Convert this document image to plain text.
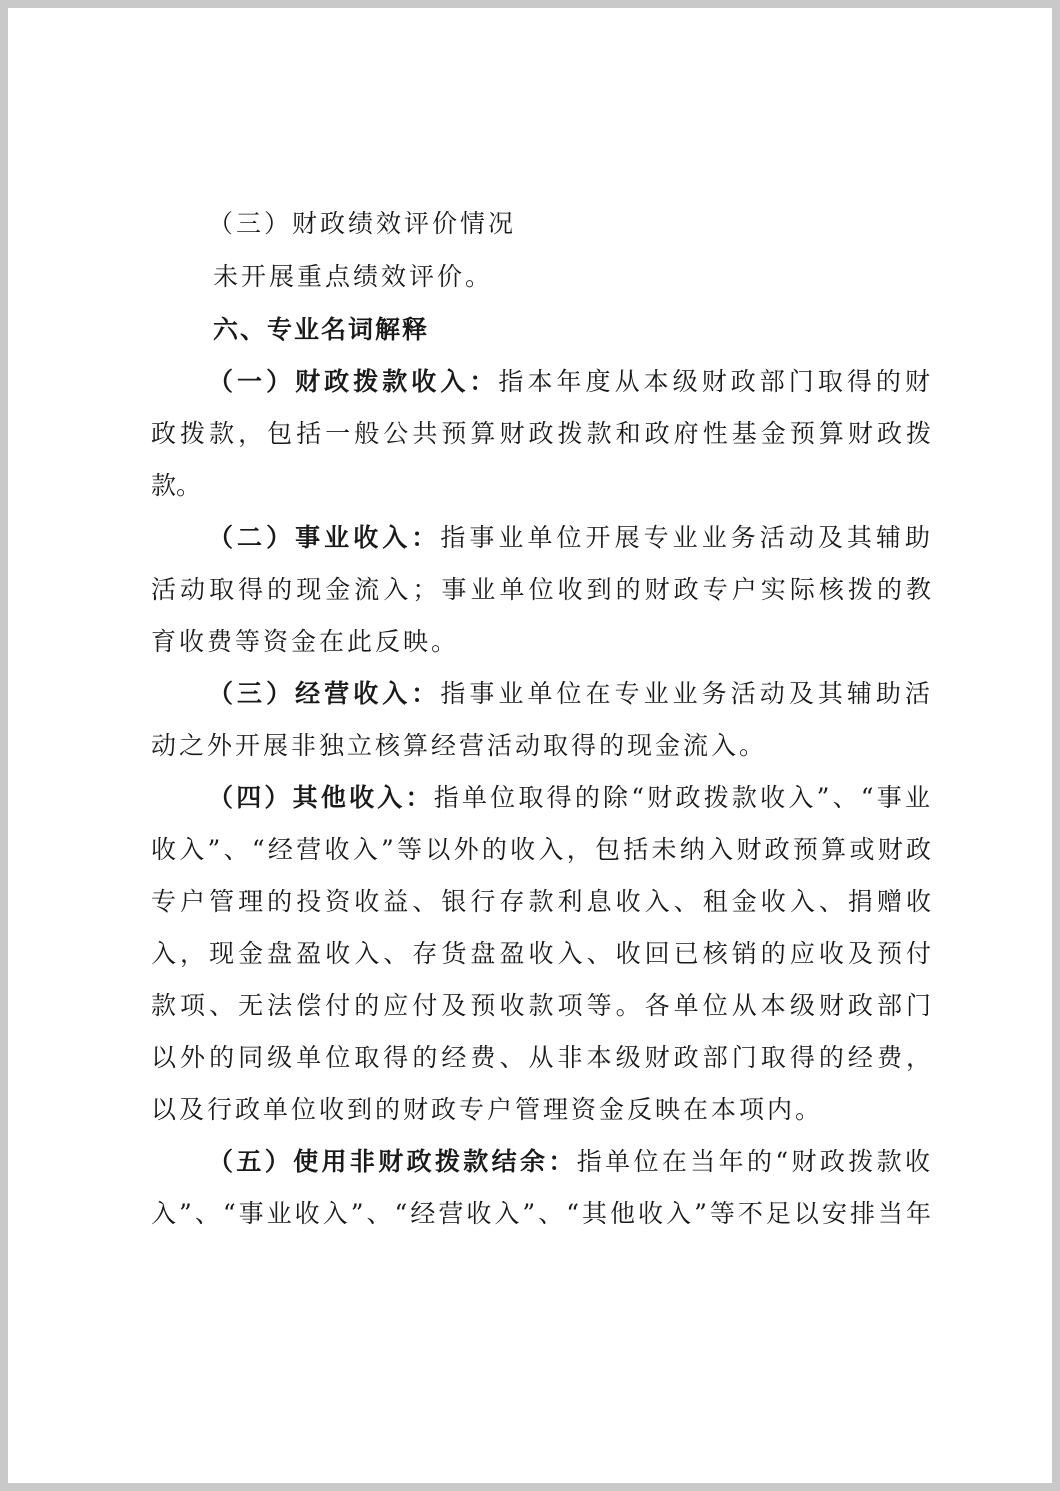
（三）财政绩效评价情况
未开展重点绩效评价。
六、专业名词解释
（一）财政拨款收入：指本年度从本级财政部门取得的财
政拨款，包括一般公共预算财政拨款和政府性基金预算财政拨
款。
（二）事业收入：指事业单位开展专业业务活动及其辅助
活动取得的现金流入；事业单位收到的财政专户实际核拨的教
育收费等资金在此反映。
（三）经营收入：指事业单位在专业业务活动及其辅助活
动之外开展非独立核算经营活动取得的现金流入。
（四）其他收入：指单位取得的除“财政拨款收入”、“事业
收入”、“经营收入”等以外的收入，包括未纳入财政预算或财政
专户管理的投资收益、银行存款利息收入、租金收入、捐赠收
入，现金盘盈收入、存货盘盈收入、收回已核销的应收及预付
款项、无法偿付的应付及预收款项等。各单位从本级财政部门
以外的同级单位取得的经费、从非本级财政部门取得的经费，
以及行政单位收到的财政专户管理资金反映在本项内。
（五）使用非财政拨款结余：指单位在当年的“财政拨款收
入”、“事业收入”、“经营收入”、“其他收入”等不足以安排当年
